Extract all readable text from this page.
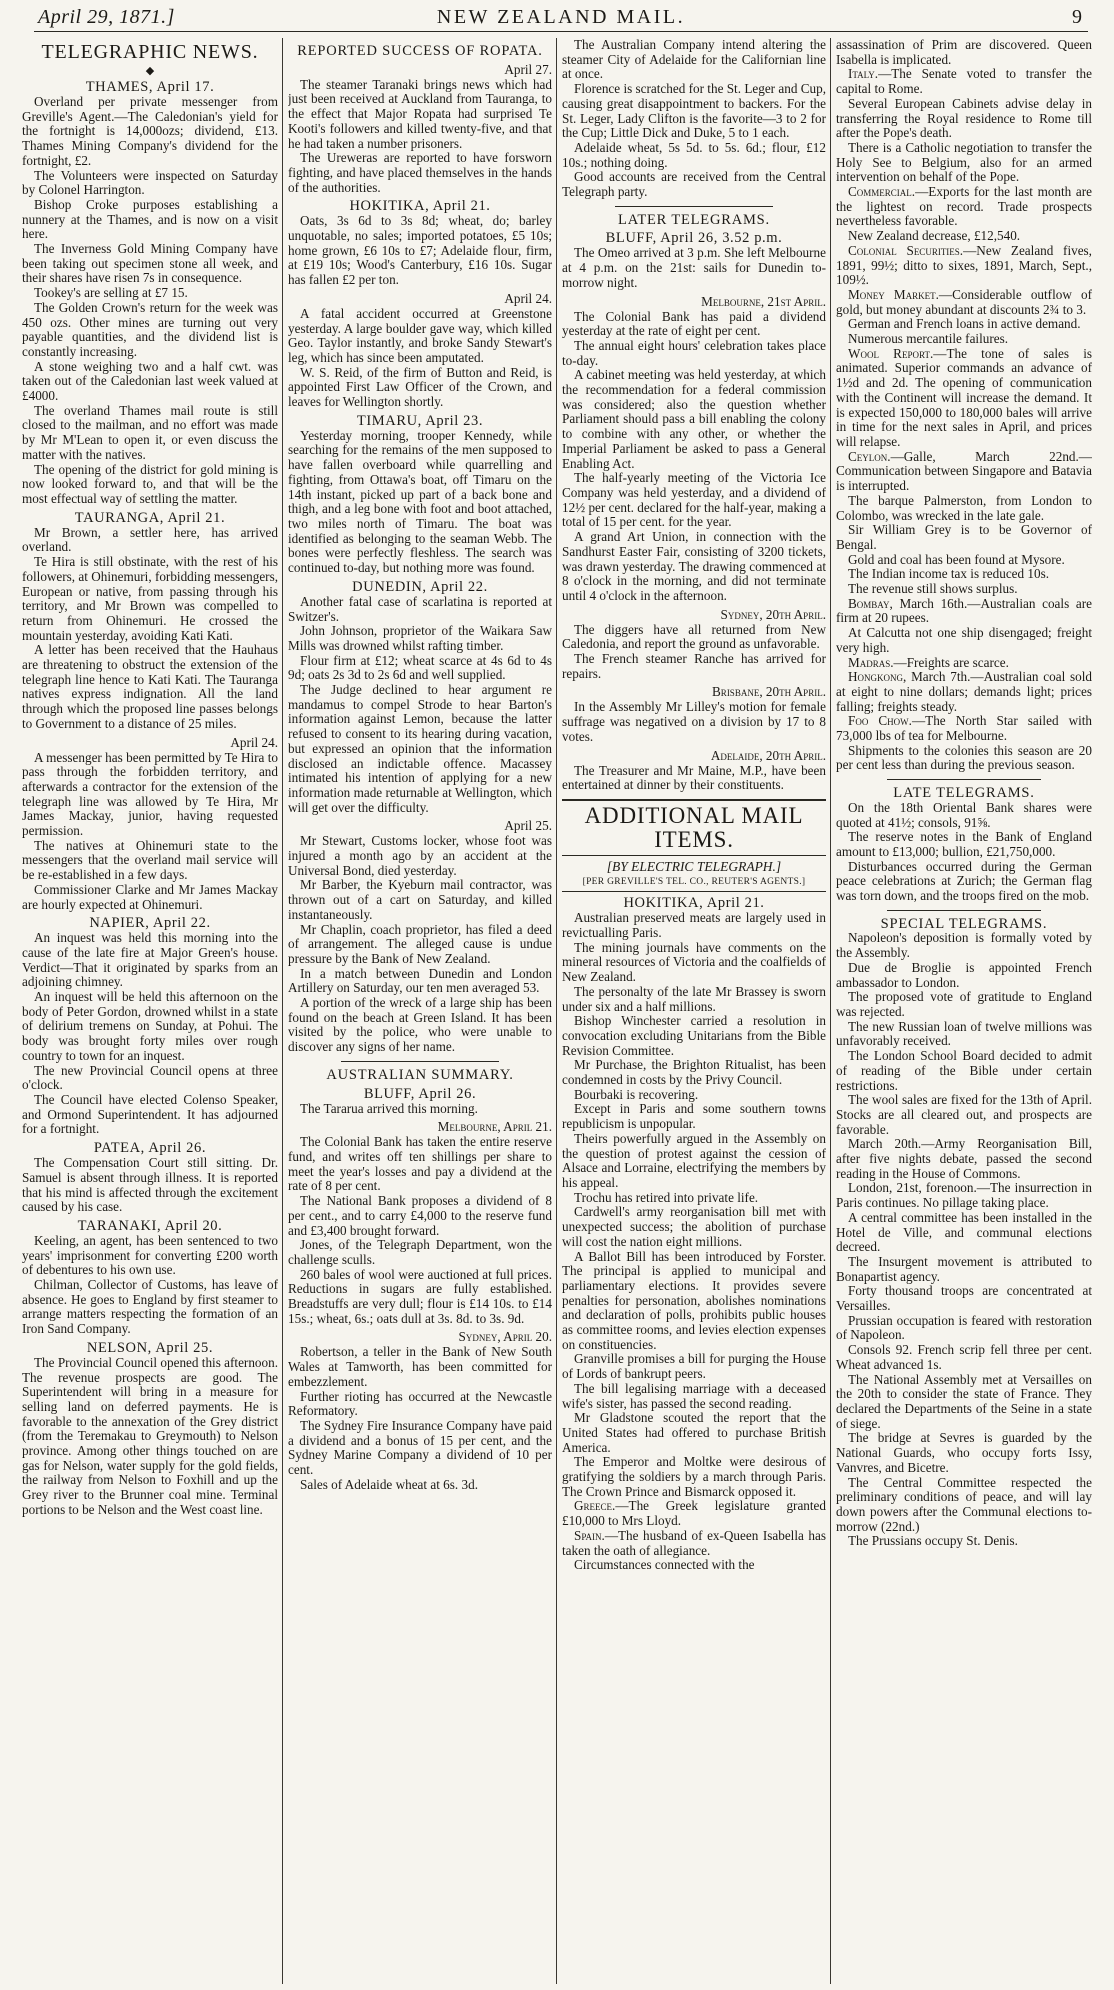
April 29, 1871.]	NEW ZEALAND MAIL.	9
TELEGRAPHIC NEWS.
◆
THAMES, April 17.

Overland per private messenger from Greville's Agent.—The Caledonian's yield for the fortnight is 14,000ozs; dividend, £13. Thames Mining Company's dividend for the fortnight, £2.

The Volunteers were inspected on Saturday by Colonel Harrington.

Bishop Croke purposes establishing a nunnery at the Thames, and is now on a visit here.

The Inverness Gold Mining Company have been taking out specimen stone all week, and their shares have risen 7s in consequence.

Tookey's are selling at £7 15.

The Golden Crown's return for the week was 450 ozs. Other mines are turning out very payable quantities, and the dividend list is constantly increasing.

A stone weighing two and a half cwt. was taken out of the Caledonian last week valued at £4000.

The overland Thames mail route is still closed to the mailman, and no effort was made by Mr M'Lean to open it, or even discuss the matter with the natives.

The opening of the district for gold mining is now looked forward to, and that will be the most effectual way of settling the matter.

TAURANGA, April 21.

Mr Brown, a settler here, has arrived overland.

Te Hira is still obstinate, with the rest of his followers, at Ohinemuri, forbidding messengers, European or native, from passing through his territory, and Mr Brown was compelled to return from Ohinemuri. He crossed the mountain yesterday, avoiding Kati Kati.

A letter has been received that the Hauhaus are threatening to obstruct the extension of the telegraph line hence to Kati Kati. The Tauranga natives express indignation. All the land through which the proposed line passes belongs to Government to a distance of 25 miles.

April 24.

A messenger has been permitted by Te Hira to pass through the forbidden territory, and afterwards a contractor for the extension of the telegraph line was allowed by Te Hira, Mr James Mackay, junior, having requested permission.

The natives at Ohinemuri state to the messengers that the overland mail service will be re-established in a few days.

Commissioner Clarke and Mr James Mackay are hourly expected at Ohinemuri.

NAPIER, April 22.

An inquest was held this morning into the cause of the late fire at Major Green's house. Verdict—That it originated by sparks from an adjoining chimney.

An inquest will be held this afternoon on the body of Peter Gordon, drowned whilst in a state of delirium tremens on Sunday, at Pohui. The body was brought forty miles over rough country to town for an inquest.

The new Provincial Council opens at three o'clock.

The Council have elected Colenso Speaker, and Ormond Superintendent. It has adjourned for a fortnight.

PATEA, April 26.

The Compensation Court still sitting. Dr. Samuel is absent through illness. It is reported that his mind is affected through the excitement caused by his case.

TARANAKI, April 20.

Keeling, an agent, has been sentenced to two years' imprisonment for converting £200 worth of debentures to his own use.

Chilman, Collector of Customs, has leave of absence. He goes to England by first steamer to arrange matters respecting the formation of an Iron Sand Company.

NELSON, April 25.

The Provincial Council opened this afternoon. The revenue prospects are good. The Superintendent will bring in a measure for selling land on deferred payments. He is favorable to the annexation of the Grey district (from the Teremakau to Greymouth) to Nelson province. Among other things touched on are gas for Nelson, water supply for the gold fields, the railway from Nelson to Foxhill and up the Grey river to the Brunner coal mine. Terminal portions to be Nelson and the West coast line.

REPORTED SUCCESS OF ROPATA.
April 27.

The steamer Taranaki brings news which had just been received at Auckland from Tauranga, to the effect that Major Ropata had surprised Te Kooti's followers and killed twenty-five, and that he had taken a number prisoners.

The Ureweras are reported to have forsworn fighting, and have placed themselves in the hands of the authorities.

HOKITIKA, April 21.

Oats, 3s 6d to 3s 8d; wheat, do; barley unquotable, no sales; imported potatoes, £5 10s; home grown, £6 10s to £7; Adelaide flour, firm, at £19 10s; Wood's Canterbury, £16 10s. Sugar has fallen £2 per ton.

April 24.

A fatal accident occurred at Greenstone yesterday. A large boulder gave way, which killed Geo. Taylor instantly, and broke Sandy Stewart's leg, which has since been amputated.

W. S. Reid, of the firm of Button and Reid, is appointed First Law Officer of the Crown, and leaves for Wellington shortly.

TIMARU, April 23.

Yesterday morning, trooper Kennedy, while searching for the remains of the men supposed to have fallen overboard while quarrelling and fighting, from Ottawa's boat, off Timaru on the 14th instant, picked up part of a back bone and thigh, and a leg bone with foot and boot attached, two miles north of Timaru. The boat was identified as belonging to the seaman Webb. The bones were perfectly fleshless. The search was continued to-day, but nothing more was found.

DUNEDIN, April 22.

Another fatal case of scarlatina is reported at Switzer's.

John Johnson, proprietor of the Waikara Saw Mills was drowned whilst rafting timber.

Flour firm at £12; wheat scarce at 4s 6d to 4s 9d; oats 2s 3d to 2s 6d and well supplied.

The Judge declined to hear argument re mandamus to compel Strode to hear Barton's information against Lemon, because the latter refused to consent to its hearing during vacation, but expressed an opinion that the information disclosed an indictable offence. Macassey intimated his intention of applying for a new information made returnable at Wellington, which will get over the difficulty.

April 25.

Mr Stewart, Customs locker, whose foot was injured a month ago by an accident at the Universal Bond, died yesterday.

Mr Barber, the Kyeburn mail contractor, was thrown out of a cart on Saturday, and killed instantaneously.

Mr Chaplin, coach proprietor, has filed a deed of arrangement. The alleged cause is undue pressure by the Bank of New Zealand.

In a match between Dunedin and London Artillery on Saturday, our ten men averaged 53.

A portion of the wreck of a large ship has been found on the beach at Green Island. It has been visited by the police, who were unable to discover any signs of her name.

AUSTRALIAN SUMMARY.
BLUFF, April 26.

The Tararua arrived this morning.

Melbourne, April 21.

The Colonial Bank has taken the entire reserve fund, and writes off ten shillings per share to meet the year's losses and pay a dividend at the rate of 8 per cent.

The National Bank proposes a dividend of 8 per cent., and to carry £4,000 to the reserve fund and £3,400 brought forward.

Jones, of the Telegraph Department, won the challenge sculls.

260 bales of wool were auctioned at full prices. Reductions in sugars are fully established. Breadstuffs are very dull; flour is £14 10s. to £14 15s.; wheat, 6s.; oats dull at 3s. 8d. to 3s. 9d.

Sydney, April 20.

Robertson, a teller in the Bank of New South Wales at Tamworth, has been committed for embezzlement.

Further rioting has occurred at the Newcastle Reformatory.

The Sydney Fire Insurance Company have paid a dividend and a bonus of 15 per cent, and the Sydney Marine Company a dividend of 10 per cent.

Sales of Adelaide wheat at 6s. 3d.

The Australian Company intend altering the steamer City of Adelaide for the Californian line at once.

Florence is scratched for the St. Leger and Cup, causing great disappointment to backers. For the St. Leger, Lady Clifton is the favorite—3 to 2 for the Cup; Little Dick and Duke, 5 to 1 each.

Adelaide wheat, 5s 5d. to 5s. 6d.; flour, £12 10s.; nothing doing.

Good accounts are received from the Central Telegraph party.

LATER TELEGRAMS.
BLUFF, April 26, 3.52 p.m.

The Omeo arrived at 3 p.m. She left Melbourne at 4 p.m. on the 21st: sails for Dunedin to-morrow night.

Melbourne, 21st April.

The Colonial Bank has paid a dividend yesterday at the rate of eight per cent.

The annual eight hours' celebration takes place to-day.

A cabinet meeting was held yesterday, at which the recommendation for a federal commission was considered; also the question whether Parliament should pass a bill enabling the colony to combine with any other, or whether the Imperial Parliament be asked to pass a General Enabling Act.

The half-yearly meeting of the Victoria Ice Company was held yesterday, and a dividend of 12½ per cent. declared for the half-year, making a total of 15 per cent. for the year.

A grand Art Union, in connection with the Sandhurst Easter Fair, consisting of 3200 tickets, was drawn yesterday. The drawing commenced at 8 o'clock in the morning, and did not terminate until 4 o'clock in the afternoon.

Sydney, 20th April.

The diggers have all returned from New Caledonia, and report the ground as unfavorable.

The French steamer Ranche has arrived for repairs.

Brisbane, 20th April.

In the Assembly Mr Lilley's motion for female suffrage was negatived on a division by 17 to 8 votes.

Adelaide, 20th April.

The Treasurer and Mr Maine, M.P., have been entertained at dinner by their constituents.

ADDITIONAL MAIL ITEMS.
[BY ELECTRIC TELEGRAPH.]
[PER GREVILLE'S TEL. CO., REUTER'S AGENTS.]
HOKITIKA, April 21.

Australian preserved meats are largely used in revictualling Paris.

The mining journals have comments on the mineral resources of Victoria and the coalfields of New Zealand.

The personalty of the late Mr Brassey is sworn under six and a half millions.

Bishop Winchester carried a resolution in convocation excluding Unitarians from the Bible Revision Committee.

Mr Purchase, the Brighton Ritualist, has been condemned in costs by the Privy Council.

Bourbaki is recovering.

Except in Paris and some southern towns republicism is unpopular.

Theirs powerfully argued in the Assembly on the question of protest against the cession of Alsace and Lorraine, electrifying the members by his appeal.

Trochu has retired into private life.

Cardwell's army reorganisation bill met with unexpected success; the abolition of purchase will cost the nation eight millions.

A Ballot Bill has been introduced by Forster. The principal is applied to municipal and parliamentary elections. It provides severe penalties for personation, abolishes nominations and declaration of polls, prohibits public houses as committee rooms, and levies election expenses on constituencies.

Granville promises a bill for purging the House of Lords of bankrupt peers.

The bill legalising marriage with a deceased wife's sister, has passed the second reading.

Mr Gladstone scouted the report that the United States had offered to purchase British America.

The Emperor and Moltke were desirous of gratifying the soldiers by a march through Paris. The Crown Prince and Bismarck opposed it.

Greece.—The Greek legislature granted £10,000 to Mrs Lloyd.

Spain.—The husband of ex-Queen Isabella has taken the oath of allegiance.

Circumstances connected with the

assassination of Prim are discovered. Queen Isabella is implicated.

Italy.—The Senate voted to transfer the capital to Rome.

Several European Cabinets advise delay in transferring the Royal residence to Rome till after the Pope's death.

There is a Catholic negotiation to transfer the Holy See to Belgium, also for an armed intervention on behalf of the Pope.

Commercial.—Exports for the last month are the lightest on record. Trade prospects nevertheless favorable.

New Zealand decrease, £12,540.

Colonial Securities.—New Zealand fives, 1891, 99½; ditto to sixes, 1891, March, Sept., 109½.

Money Market.—Considerable outflow of gold, but money abundant at discounts 2¾ to 3.

German and French loans in active demand.

Numerous mercantile failures.

Wool Report.—The tone of sales is animated. Superior commands an advance of 1½d and 2d. The opening of communication with the Continent will increase the demand. It is expected 150,000 to 180,000 bales will arrive in time for the next sales in April, and prices will relapse.

Ceylon.—Galle, March 22nd.—Communication between Singapore and Batavia is interrupted.

The barque Palmerston, from London to Colombo, was wrecked in the late gale.

Sir William Grey is to be Governor of Bengal.

Gold and coal has been found at Mysore.

The Indian income tax is reduced 10s.

The revenue still shows surplus.

Bombay, March 16th.—Australian coals are firm at 20 rupees.

At Calcutta not one ship disengaged; freight very high.

Madras.—Freights are scarce.

Hongkong, March 7th.—Australian coal sold at eight to nine dollars; demands light; prices falling; freights steady.

Foo Chow.—The North Star sailed with 73,000 lbs of tea for Melbourne.

Shipments to the colonies this season are 20 per cent less than during the previous season.

LATE TELEGRAMS.

On the 18th Oriental Bank shares were quoted at 41½; consols, 91⅝.

The reserve notes in the Bank of England amount to £13,000; bullion, £21,750,000.

Disturbances occurred during the German peace celebrations at Zurich; the German flag was torn down, and the troops fired on the mob.

SPECIAL TELEGRAMS.

Napoleon's deposition is formally voted by the Assembly.

Due de Broglie is appointed French ambassador to London.

The proposed vote of gratitude to England was rejected.

The new Russian loan of twelve millions was unfavorably received.

The London School Board decided to admit of reading of the Bible under certain restrictions.

The wool sales are fixed for the 13th of April. Stocks are all cleared out, and prospects are favorable.

March 20th.—Army Reorganisation Bill, after five nights debate, passed the second reading in the House of Commons.

London, 21st, forenoon.—The insurrection in Paris continues. No pillage taking place.

A central committee has been installed in the Hotel de Ville, and communal elections decreed.

The Insurgent movement is attributed to Bonapartist agency.

Forty thousand troops are concentrated at Versailles.

Prussian occupation is feared with restoration of Napoleon.

Consols 92. French scrip fell three per cent. Wheat advanced 1s.

The National Assembly met at Versailles on the 20th to consider the state of France. They declared the Departments of the Seine in a state of siege.

The bridge at Sevres is guarded by the National Guards, who occupy forts Issy, Vanvres, and Bicetre.

The Central Committee respected the preliminary conditions of peace, and will lay down powers after the Communal elections to-morrow (22nd.)

The Prussians occupy St. Denis.
